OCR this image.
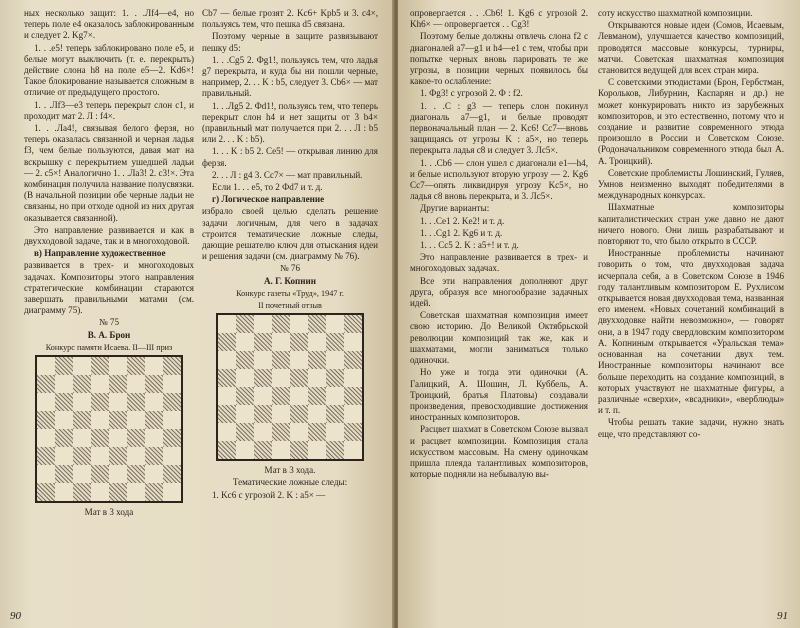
ных несколько защит: 1. . .Лf4—e4, но теперь поле e4 оказалось заблокированным и следует 2. Kg7×.

1. . .e5! теперь заблокировано поле e5, и белые могут выключить (т. е. перекрыть) действие слона h8 на поле e5—2. Kd6×! Такое блокирование называется сложным в отличие от предыдущего простого.

1. . .Лf3—e3 теперь перекрыт слон c1, и проходит мат 2. Л : f4×.

1. . .Лa4!, связывая белого ферзя, но теперь оказалась связанной и черная ладья f3, чем белые пользуются, давая мат на вскрышку с перекрытием ушедшей ладьи — 2. c5×! Аналогично 1. . .Лa3! 2. c3!×. Эта комбинация получила название полусвязки. (В начальной позиции обе черные ладьи не связаны, но при отходе одной из них другая оказывается связанной).

Это направление развивается и как в двухходовой задаче, так и в многоходовой.

в) Направление художественное

развивается в трех- и многоходовых задачах. Композиторы этого направления стратегические комбинации стараются завершать правильными матами (см. диаграмму 75).

№ 75

В. А. Брон

Конкурс памяти Исаева. II—III приз

Мат в 3 хода

Cb7 — белые грозят 2. Kc6+ Kpb5 и 3. c4×, пользуясь тем, что пешка d5 связана.

Поэтому черные в защите развязывают пешку d5:

1. . .Cg5 2. Фg1!, пользуясь тем, что ладья g7 перекрыта, и куда бы ни пошли черные, например, 2. . . K : b5, следует 3. Cb6× — мат правильный.

1. . .Лg5 2. Фd1!, пользуясь тем, что теперь перекрыт слон h4 и нет защиты от 3 b4× (правильный мат получается при 2. . . Л : b5 или 2. . . K : b5).

1. . . K : b5 2. Ce5! — открывая линию для ферзя.

2. . . Л : g4 3. Cc7× — мат правильный.

Если 1. . . e5, то 2 Фd7 и т. д.

г) Логическое направление

избрало своей целью сделать решение задачи логичным, для чего в задачах строится тематические ложные следы, дающие решателю ключ для отыскания идеи и решения задачи (см. диаграмму № 76).

№ 76

А. Г. Копнин

Конкурс газеты «Труд», 1947 г.

II почетный отзыв

Мат в 3 хода.

Тематические ложные следы:

1. Kc6 с угрозой 2. K : a5× —

90

опровергается . . .Cb6! 1. Kg6 с угрозой 2. Kh6× — опровергается . . Cg3!

Поэтому белые должны отвлечь слона f2 с диагоналей a7—g1 и h4—e1 с тем, чтобы при попытке черных вновь парировать те же угрозы, в позиции черных появилось бы какое-то ослабление:

1. Фg3! с угрозой 2. Ф : f2.

1. . .C : g3 — теперь слон покинул диагональ a7—g1, и белые проводят первоначальный план — 2. Kc6! Cc7—вновь защищаясь от угрозы K : a5×, но теперь перекрыта ладья c8 и следует 3. Лc5×.

1. . .Cb6 — слон ушел с диагонали e1—h4, и белые используют вторую угрозу — 2. Kg6 Cc7—опять ликвидируя угрозу Kc5×, но ладья c8 вновь перекрыта, и 3. Лc5×.

Другие варианты:

1. . .Ce1 2. Ke2! и т. д.

1. . .Cg1 2. Kg6 и т. д.

1. . . Cc5 2. K : a5+! и т. д.

Это направление развивается в трех- и многоходовых задачах.

Все эти направления дополняют друг друга, образуя все многообразие задачных идей.

Советская шахматная композиция имеет свою историю. До Великой Октябрьской революции композиций так же, как и шахматами, могли заниматься только одиночки.

Но уже и тогда эти одиночки (А. Галицкий, А. Шошин, Л. Куббель, А. Троицкий, братья Платовы) создавали произведения, превосходившие достижения иностранных композиторов.

Расцвет шахмат в Советском Союзе вызвал и расцвет композиции. Композиция стала искусством массовым. На смену одиночкам пришла плеяда талантливых композиторов, которые подняли на небывалую вы-

соту искусство шахматной композиции.

Открываются новые идеи (Сомов, Исаевым, Левманом), улучшается качество композиций, проводятся массовые конкурсы, турниры, матчи. Советская шахматная композиция становится ведущей для всех стран мира.

С советскими этюдистами (Брон, Гербстман, Корольков, Либурнин, Каспарян и др.) не может конкурировать никто из зарубежных композиторов, и это естественно, потому что и создание и развитие современного этюда произошло в России и Советском Союзе. (Родоначальником современного этюда был А. А. Троицкий).

Советские проблемисты Лошинский, Гуляев, Умнов неизменно выходят победителями в международных конкурсах.

Шахматные композиторы капиталистических стран уже давно не дают ничего нового. Они лишь разрабатывают и повторяют то, что было открыто в СССР.

Иностранные проблемисты начинают говорить о том, что двухходовая задача исчерпала себя, а в Советском Союзе в 1946 году талантливым композитором Е. Рухлисом открывается новая двухходовая тема, названная его именем. «Новых сочетаний комбинаций в двухходовке найти невозможно», — говорят они, а в 1947 году свердловским композитором А. Копниным открывается «Уральская тема» основанная на сочетании двух тем. Иностранные композиторы начинают все больше переходить на создание композиций, в которых участвуют не шахматные фигуры, а различные «сверхи», «всадники», «верблюды» и т. п.

Чтобы решать такие задачи, нужно знать еще, что представляют со-

91
